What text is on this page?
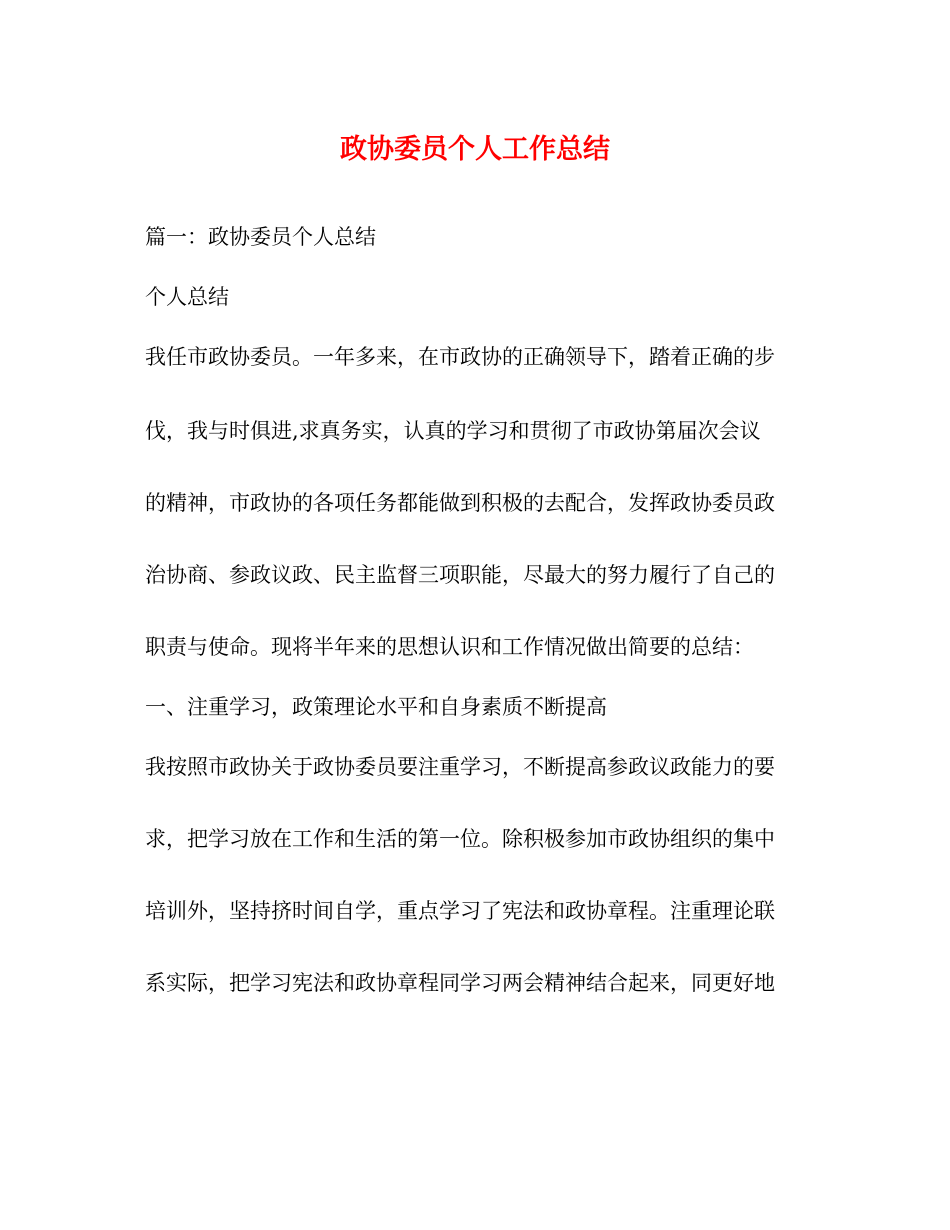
政协委员个人工作总结
篇一：政协委员个人总结
个人总结
我任市政协委员。一年多来，在市政协的正确领导下，踏着正确的步
伐，我与时俱进,求真务实，认真的学习和贯彻了市政协第届次会议
的精神，市政协的各项任务都能做到积极的去配合，发挥政协委员政
治协商、参政议政、民主监督三项职能，尽最大的努力履行了自己的
职责与使命。现将半年来的思想认识和工作情况做出简要的总结：
一、注重学习，政策理论水平和自身素质不断提高
我按照市政协关于政协委员要注重学习，不断提高参政议政能力的要
求，把学习放在工作和生活的第一位。除积极参加市政协组织的集中
培训外，坚持挤时间自学，重点学习了宪法和政协章程。注重理论联
系实际，把学习宪法和政协章程同学习两会精神结合起来，同更好地
